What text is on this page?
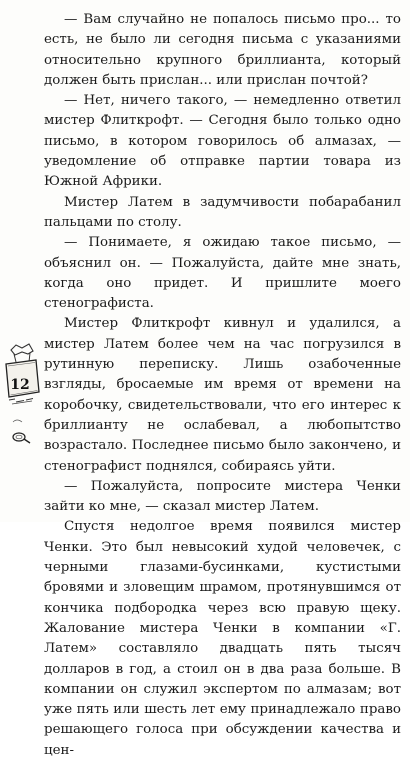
— Вам случайно не попалось письмо про... то есть, не было ли сегодня письма с указаниями относительно крупного бриллианта, который должен быть прислан... или прислан почтой?

— Нет, ничего такого, — немедленно ответил мистер Флиткрофт. — Сегодня было только одно письмо, в котором говорилось об алмазах, — уведомление об отправке партии товара из Южной Африки.

Мистер Латем в задумчивости побарабанил пальцами по столу.

— Понимаете, я ожидаю такое письмо, — объяснил он. — Пожалуйста, дайте мне знать, когда оно придет. И пришлите моего стенографиста.

Мистер Флиткрофт кивнул и удалился, а мистер Латем более чем на час погрузился в рутинную переписку. Лишь озабоченные взгляды, бросаемые им время от времени на коробочку, свидетельствовали, что его интерес к бриллианту не ослабевал, а любопытство возрастало. Последнее письмо было закончено, и стенографист поднялся, собираясь уйти.

— Пожалуйста, попросите мистера Ченки зайти ко мне, — сказал мистер Латем.

Спустя недолгое время появился мистер Ченки. Это был невысокий худой человечек, с черными глазами-бусинками, кустистыми бровями и зловещим шрамом, протянувшимся от кончика подбородка через всю правую щеку. Жалование мистера Ченки в компании «Г. Латем» составляло двадцать пять тысяч долларов в год, а стоил он в два раза больше. В компании он служил экспертом по алмазам; вот уже пять или шесть лет ему принадлежало право решающего голоса при обсуждении качества и цен-

12
